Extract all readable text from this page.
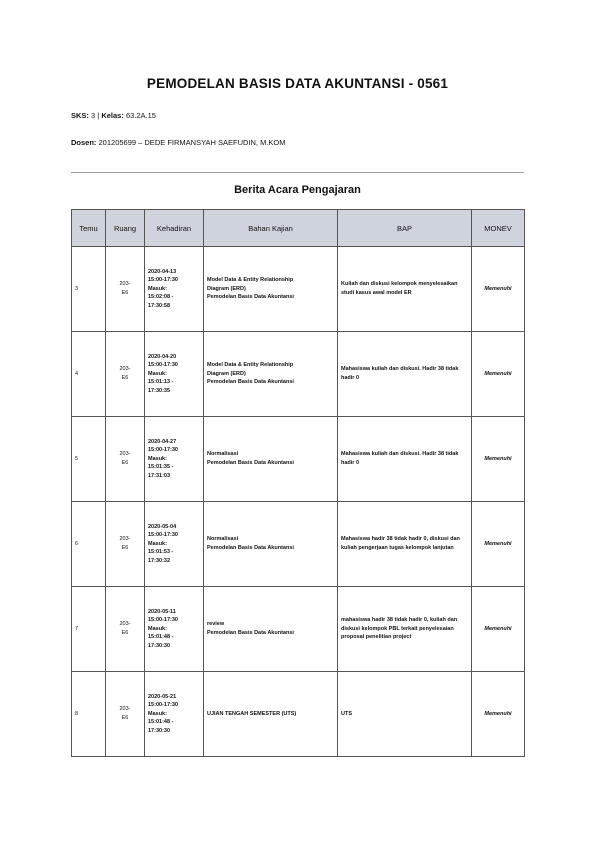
PEMODELAN BASIS DATA AKUNTANSI - 0561
SKS: 3 | Kelas: 63.2A.15
Dosen: 201205699 – DEDE FIRMANSYAH SAEFUDIN, M.KOM
Berita Acara Pengajaran
Temu	Ruang	Kehadiran	Bahan Kajian	BAP	MONEV
3	203-
E6	2020-04-13
15:00-17:30
Masuk:
15:02:08 -
17:30:58	Model Data & Entity Relationship
Diagram (ERD)
Pemodelan Basis Data Akuntansi	Kuliah dan diskusi kelompok menyelesaikan studi kasus awal model ER	Memenuhi
4	203-
E6	2020-04-20
15:00-17:30
Masuk:
15:01:13 -
17:30:35	Model Data & Entity Relationship
Diagram (ERD)
Pemodelan Basis Data Akuntansi	Mahasiswa kuliah dan diskusi. Hadir 38 tidak hadir 0	Memenuhi
5	203-
E6	2020-04-27
15:00-17:30
Masuk:
15:01:35 -
17:31:03	Normalisasi
Pemodelan Basis Data Akuntansi	Mahasiswa kuliah dan diskusi. Hadir 38 tidak hadir 0	Memenuhi
6	203-
E6	2020-05-04
15:00-17:30
Masuk:
15:01:53 -
17:30:32	Normalisasi
Pemodelan Basis Data Akuntansi	Mahasiswa hadir 38 tidak hadir 0, diskusi dan kuliah pengerjaan tugas kelompok lanjutan	Memenuhi
7	203-
E6	2020-05-11
15:00-17:30
Masuk:
15:01:48 -
17:30:30	review
Pemodelan Basis Data Akuntansi	mahasiswa hadir 38 tidak hadir 0, kuliah dan diskusi kelompok PBL terkait penyelesaian proposal penelitian project	Memenuhi
8	203-
E6	2020-05-21
15:00-17:30
Masuk:
15:01:48 -
17:30:30	UJIAN TENGAH SEMESTER (UTS)	UTS	Memenuhi
